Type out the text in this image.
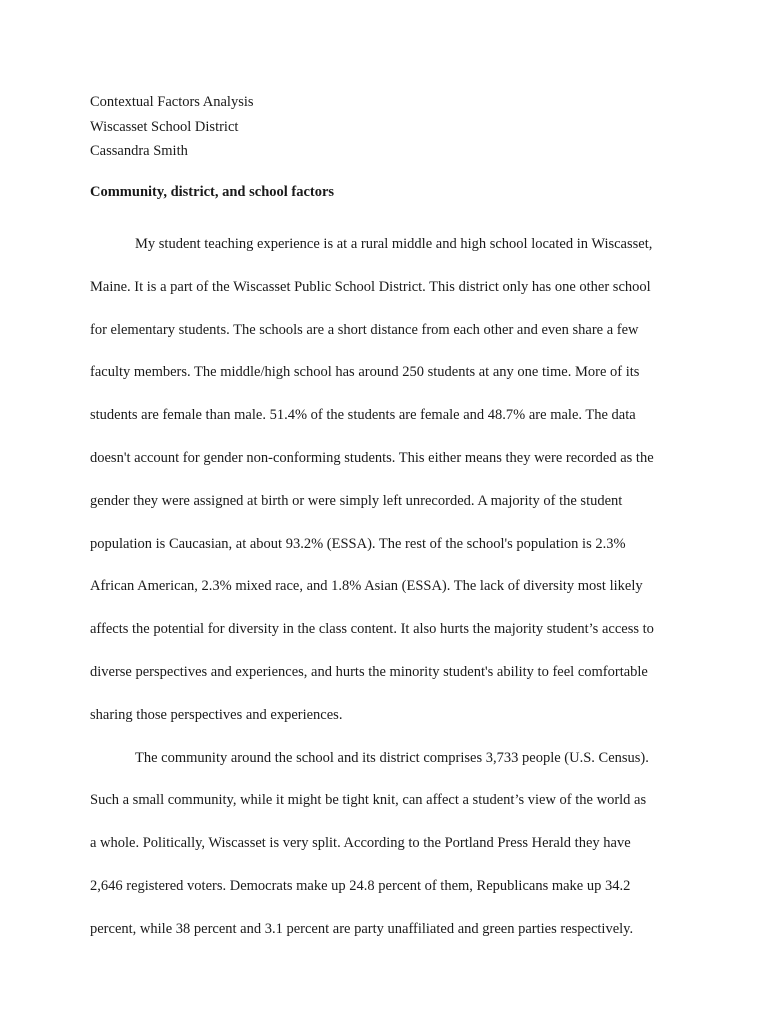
Contextual Factors Analysis
Wiscasset School District
Cassandra Smith
Community, district, and school factors
My student teaching experience is at a rural middle and high school located in Wiscasset,
Maine. It is a part of the Wiscasset Public School District. This district only has one other school
for elementary students. The schools are a short distance from each other and even share a few
faculty members. The middle/high school has around 250 students at any one time. More of its
students are female than male. 51.4% of the students are female and 48.7% are male. The data
doesn't account for gender non-conforming students. This either means they were recorded as the
gender they were assigned at birth or were simply left unrecorded. A majority of the student
population is Caucasian, at about 93.2% (ESSA). The rest of the school's population is 2.3%
African American, 2.3% mixed race, and 1.8% Asian (ESSA). The lack of diversity most likely
affects the potential for diversity in the class content. It also hurts the majority student’s access to
diverse perspectives and experiences, and hurts the minority student's ability to feel comfortable
sharing those perspectives and experiences.
The community around the school and its district comprises 3,733 people (U.S. Census).
Such a small community, while it might be tight knit, can affect a student’s view of the world as
a whole. Politically, Wiscasset is very split. According to the Portland Press Herald they have
2,646 registered voters. Democrats make up 24.8 percent of them, Republicans make up 34.2
percent, while 38 percent and 3.1 percent are party unaffiliated and green parties respectively.
